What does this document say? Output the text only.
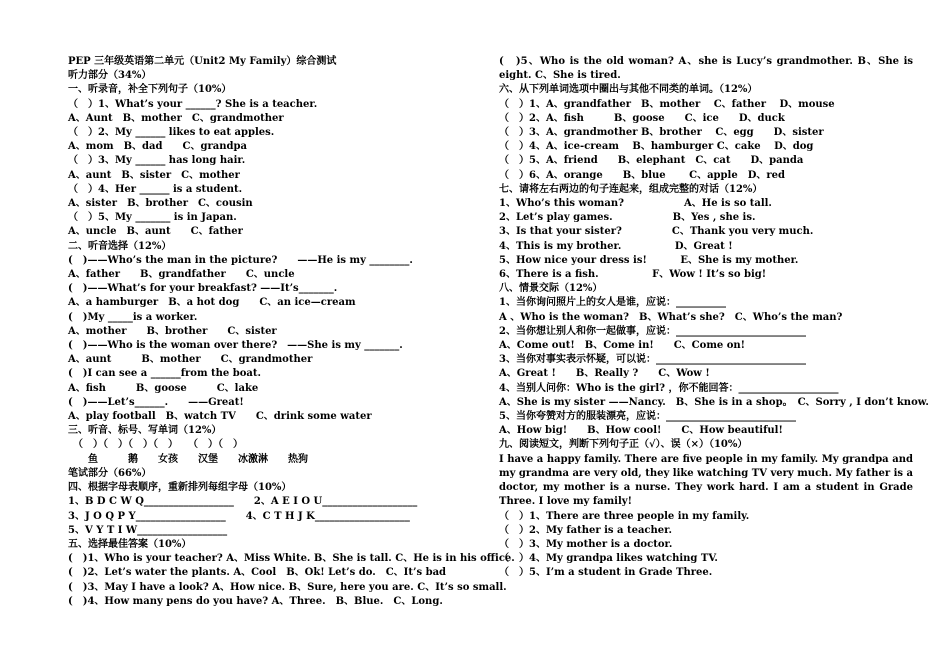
PEP 三年级英语第二单元（Unit2 My Family）综合测试
听力部分（34%）
一、听录音，补全下列句子（10%）
（　）1、What’s your ______? She is a teacher.
A、Aunt　B、mother　C、grandmother
（　）2、My ______ likes to eat apples.
A、mom　B、dad　　C、grandpa
（　）3、My ______ has long hair.
A、aunt　B、sister　C、mother
（　）4、Her ______ is a student.
A、sister　B、brother　C、cousin
（　）5、My _______ is in Japan.
A、uncle　B、aunt　　C、father
二、听音选择（12%）
(　)——Who’s the man in the picture?　　——He is my ________.
A、father　　B、grandfather　　C、uncle
(　)——What’s for your breakfast? ——It’s_______.
A、a hamburger　B、a hot dog　　C、an ice—cream
(　)My _____is a worker.
A、mother　　B、brother　　C、sister
(　)——Who is the woman over there?　——She is my _______.
A、aunt　　　B、mother　　C、grandmother
(　)I can see a ______from the boat.
A、fish　　　B、goose　　　C、lake
(　)——Let’s______.　　——Great!
A、play football　B、watch TV　　C、drink some water
三、听音、标号、写单词（12%）
　（　）（　）（　）（　）　　（　）（　）
　　鱼　　　鹅　　女孩　　汉堡　　冰激淋　　热狗
笔试部分（66%）
四、根据字母表顺序，重新排列每组字母（10%）
1、B D C W Q__________________　　2、A E I O U___________________
3、J O Q P Y__________________　　4、C T H J K___________________
5、V Y T I W__________________
五、选择最佳答案（10%）
(　)1、Who is your teacher? A、Miss White. B、She is tall. C、He is in his office.
(　)2、Let’s water the plants. A、Cool　B、Ok! Let’s do.　C、It’s bad
(　)3、May I have a look? A、How nice. B、Sure, here you are. C、It’s so small.
(　)4、How many pens do you have? A、Three.　B、Blue.　C、Long.
(　)5、Who is the old woman? A、she is Lucy’s grandmother. B、She is eight. C、She is tired.
六、从下列单词选项中圈出与其他不同类的单词。（12%）
（　）1、A、grandfather　B、mother　 C、father　 D、mouse
（　）2、A、fish　　　B、goose　　C、ice　　D、duck
（　）3、A、grandmother B、brother　 C、egg　　D、sister
（　）4、A、ice-cream　 B、hamburger C、cake　 D、dog
（　）5、A、friend　　B、elephant　C、cat　　D、panda
（　）6、A、orange　　B、blue　　 C、apple　D、red
七、请将左右两边的句子连起来，组成完整的对话（12%）
1、Who’s this woman?　　　　　　A、He is so tall.
2、Let’s play games.　　　　　　B、Yes , she is.
3、Is that your sister?　　　　　C、Thank you very much.
4、This is my brother.　　　　　 D、Great !
5、How nice your dress is!　　　 E、She is my mother.
6、There is a fish.　　　　　 F、Wow ! It’s so big!
八、情景交际（12%）
1、当你询问照片上的女人是谁，应说：__________
A 、Who is the woman?　B、What’s she?　C、Who’s the man?
2、当你想让别人和你一起做事，应说：__________________________
A、Come out!　B、Come in!　　C、Come on!
3、当你对事实表示怀疑，可以说：______________________________
A、Great !　　B、Really ?　　C、Wow !
4、当别人问你：Who is the girl? ，你不能回答：____________________
A、She is my sister ——Nancy.　B、She is in a shop。　C、Sorry , I don’t know.
5、当你夸赞对方的服装漂亮，应说：__________________________
A、How big!　　B、How cool!　　C、How beautiful!
九、阅读短文，判断下列句子正（√）、误（×）（10%）
I have a happy family. There are five people in my family. My grandpa and my grandma are very old, they like watching TV very much. My father is a doctor, my mother is a nurse. They work hard. I am a student in Grade Three. I love my family!
（　）1、There are three people in my family.
（　）2、My father is a teacher.
（　）3、My mother is a doctor.
（　）4、My grandpa likes watching TV.
（　）5、I’m a student in Grade Three.
